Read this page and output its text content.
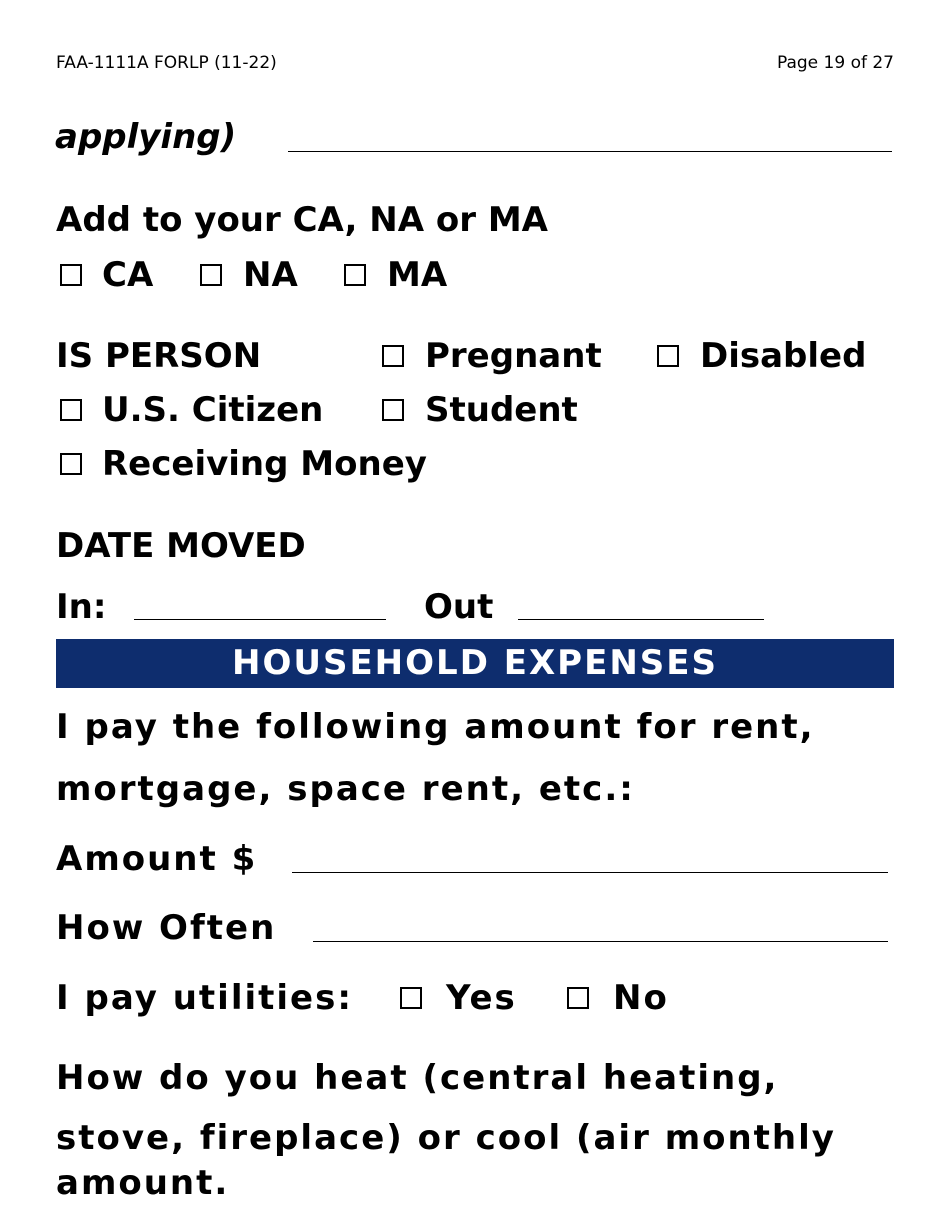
FAA-1111A FORLP (11-22)	Page 19 of 27
applying)
Add to your CA, NA or MA
CA	NA	MA
IS PERSON	Pregnant	Disabled
U.S. Citizen	Student
Receiving Money
DATE MOVED
In:	Out
HOUSEHOLD EXPENSES
I pay the following amount for rent,
mortgage, space rent, etc.:
Amount $
How Often
I pay utilities:	Yes	No
How do you heat (central heating,
stove, fireplace) or cool (air monthly
amount.
